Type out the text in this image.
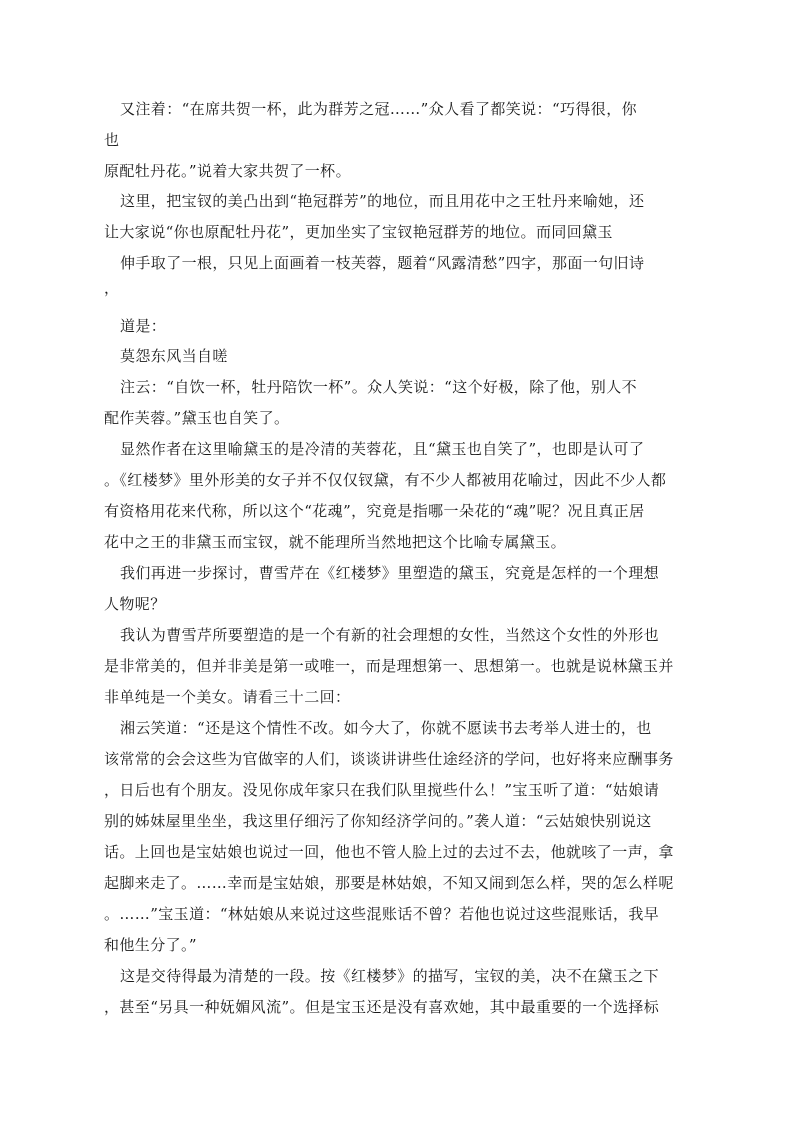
又注着：“在席共贺一杯，此为群芳之冠……”众人看了都笑说：“巧得很，你
也
原配牡丹花。”说着大家共贺了一杯。
这里，把宝钗的美凸出到“艳冠群芳”的地位，而且用花中之王牡丹来喻她，还
让大家说“你也原配牡丹花”，更加坐实了宝钗艳冠群芳的地位。而同回黛玉
伸手取了一根，只见上面画着一枝芙蓉，题着“风露清愁”四字，那面一句旧诗
，
道是：
莫怨东风当自嗟
注云：“自饮一杯，牡丹陪饮一杯”。众人笑说：“这个好极，除了他，别人不
配作芙蓉。”黛玉也自笑了。
显然作者在这里喻黛玉的是冷清的芙蓉花，且“黛玉也自笑了”，也即是认可了
。《红楼梦》里外形美的女子并不仅仅钗黛，有不少人都被用花喻过，因此不少人都
有资格用花来代称，所以这个“花魂”，究竟是指哪一朵花的“魂”呢？况且真正居
花中之王的非黛玉而宝钗，就不能理所当然地把这个比喻专属黛玉。
我们再进一步探讨，曹雪芹在《红楼梦》里塑造的黛玉，究竟是怎样的一个理想
人物呢？
我认为曹雪芹所要塑造的是一个有新的社会理想的女性，当然这个女性的外形也
是非常美的，但并非美是第一或唯一，而是理想第一、思想第一。也就是说林黛玉并
非单纯是一个美女。请看三十二回：
湘云笑道：“还是这个情性不改。如今大了，你就不愿读书去考举人进士的，也
该常常的会会这些为官做宰的人们，谈谈讲讲些仕途经济的学问，也好将来应酬事务
，日后也有个朋友。没见你成年家只在我们队里搅些什么！”宝玉听了道：“姑娘请
别的姊妹屋里坐坐，我这里仔细污了你知经济学问的。”袭人道：“云姑娘快别说这
话。上回也是宝姑娘也说过一回，他也不管人脸上过的去过不去，他就咳了一声，拿
起脚来走了。……幸而是宝姑娘，那要是林姑娘，不知又闹到怎么样，哭的怎么样呢
。……”宝玉道：“林姑娘从来说过这些混账话不曾？若他也说过这些混账话，我早
和他生分了。”
这是交待得最为清楚的一段。按《红楼梦》的描写，宝钗的美，决不在黛玉之下
，甚至“另具一种妩媚风流”。但是宝玉还是没有喜欢她，其中最重要的一个选择标
